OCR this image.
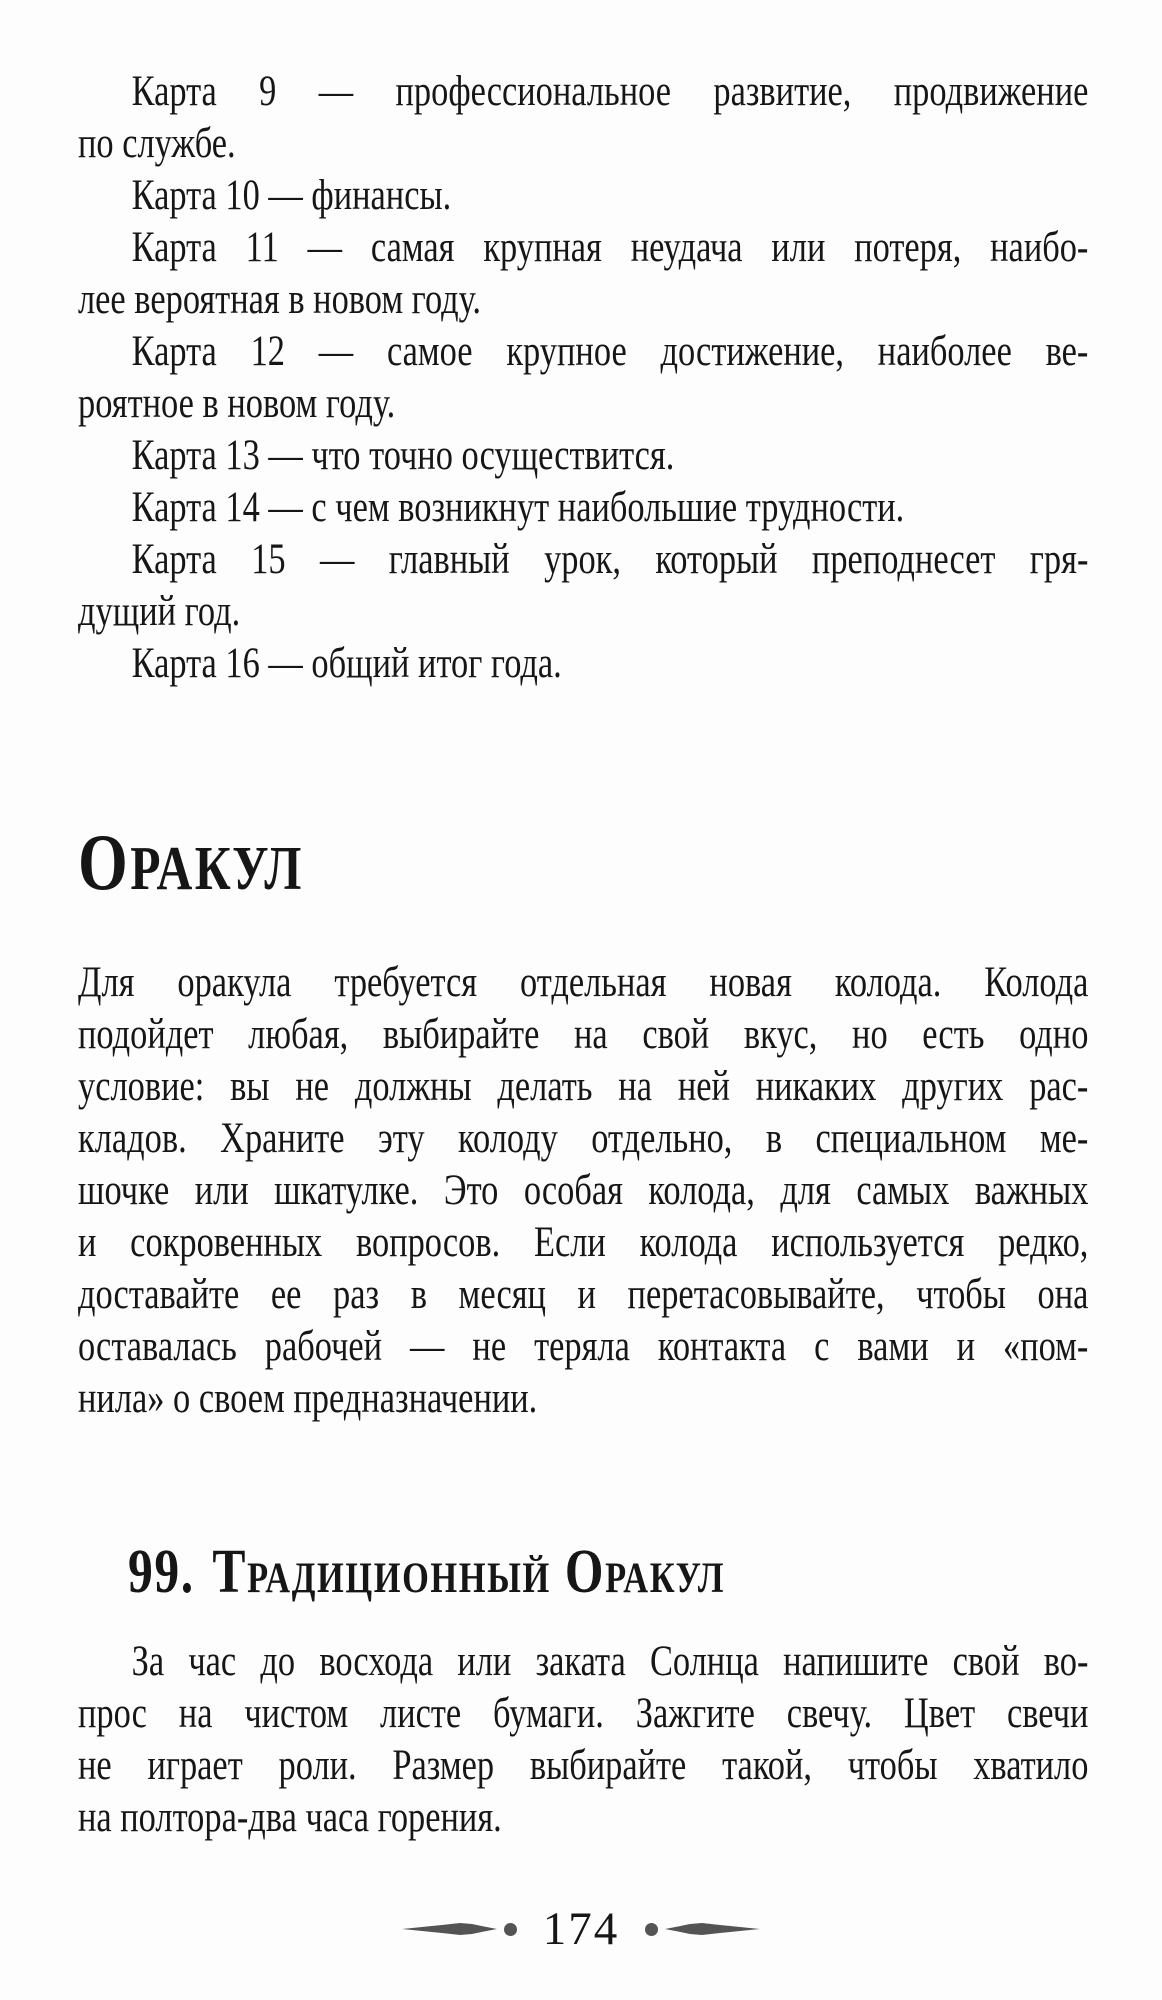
Карта 9 — профессиональное развитие, продвижение
по службе.
Карта 10 — финансы.
Карта 11 — самая крупная неудача или потеря, наибо-
лее вероятная в новом году.
Карта 12 — самое крупное достижение, наиболее ве-
роятное в новом году.
Карта 13 — что точно осуществится.
Карта 14 — с чем возникнут наибольшие трудности.
Карта 15 — главный урок, который преподнесет гря-
дущий год.
Карта 16 — общий итог года.
ОРАКУЛ
Для оракула требуется отдельная новая колода. Колода
подойдет любая, выбирайте на свой вкус, но есть одно
условие: вы не должны делать на ней никаких других рас-
кладов. Храните эту колоду отдельно, в специальном ме-
шочке или шкатулке. Это особая колода, для самых важных
и сокровенных вопросов. Если колода используется редко,
доставайте ее раз в месяц и перетасовывайте, чтобы она
оставалась рабочей — не теряла контакта с вами и «пом-
нила» о своем предназначении.
99. Традиционный Оракул
За час до восхода или заката Солнца напишите свой во-
прос на чистом листе бумаги. Зажгите свечу. Цвет свечи
не играет роли. Размер выбирайте такой, чтобы хватило
на полтора-два часа горения.
174
